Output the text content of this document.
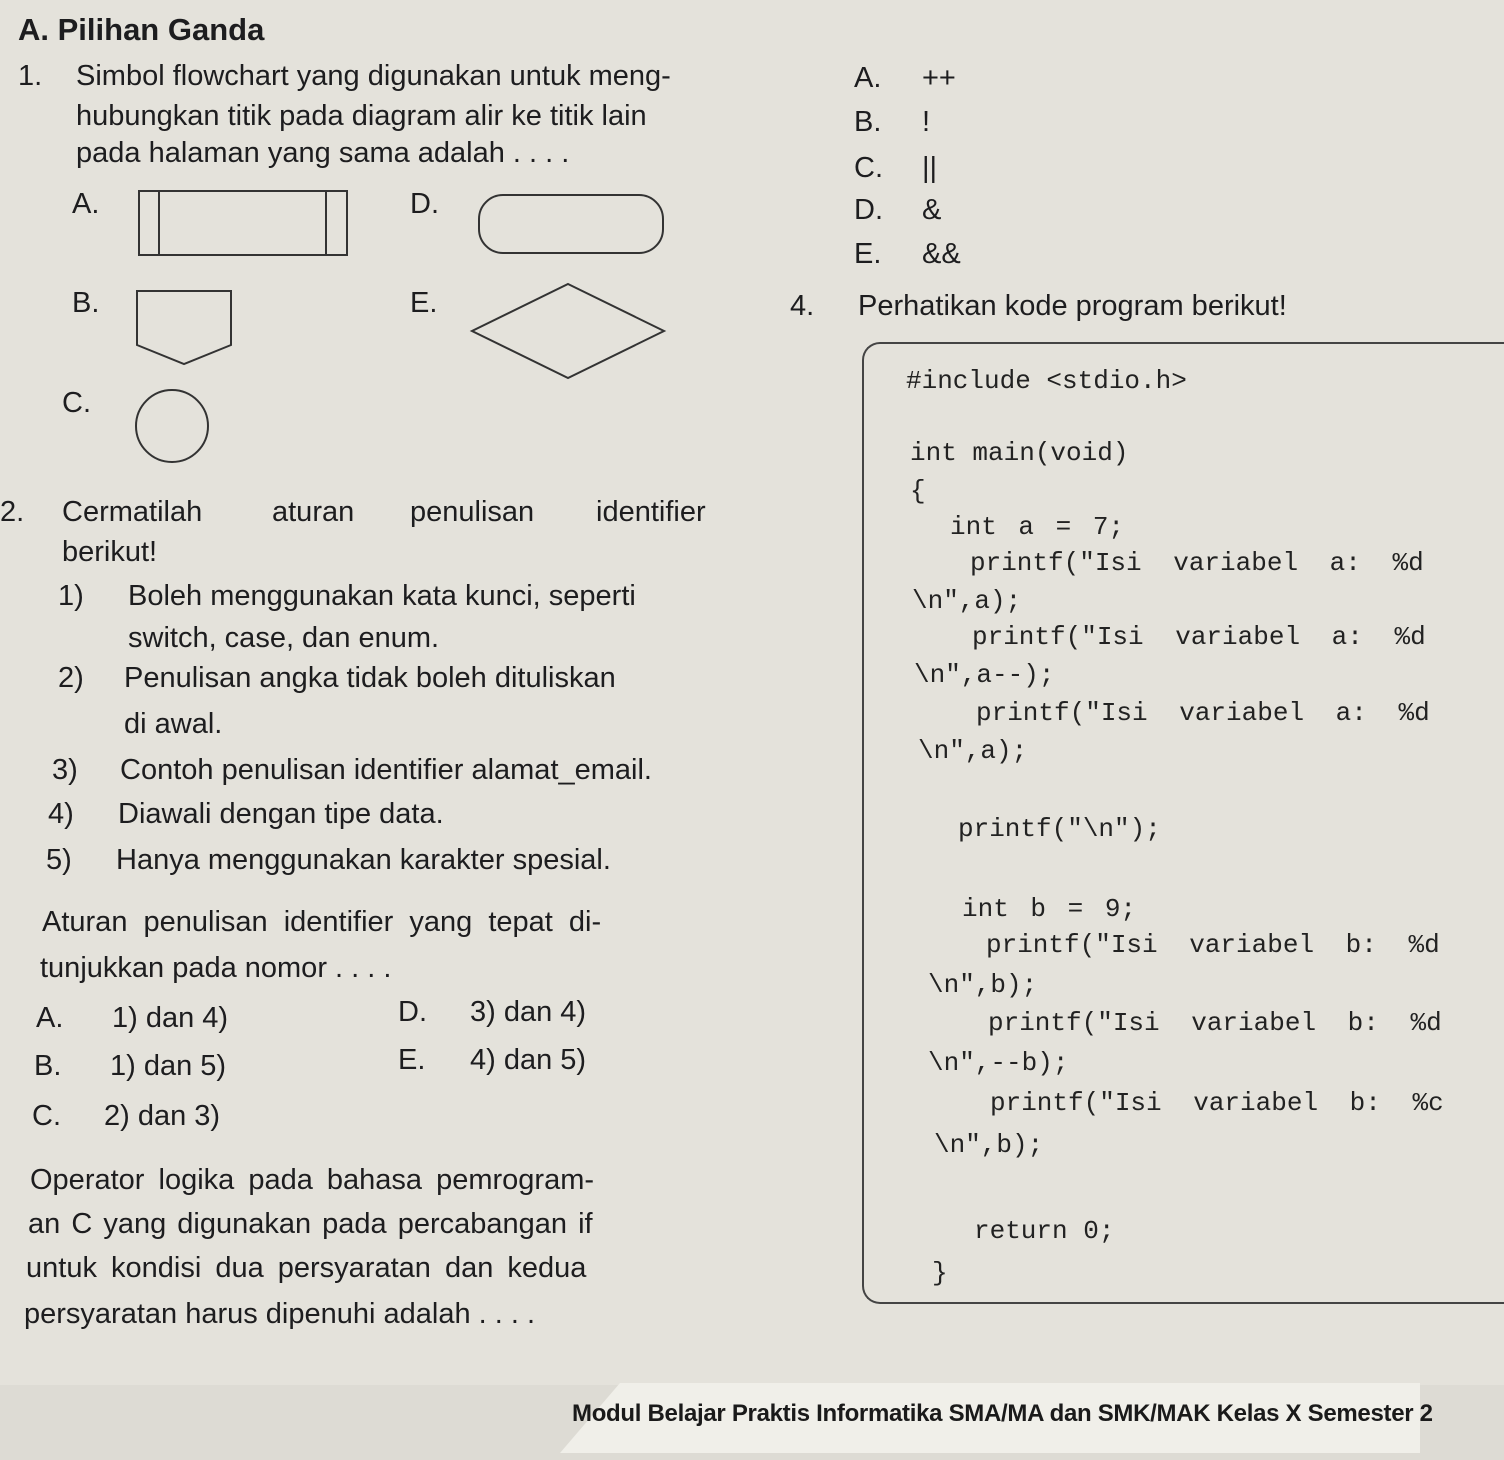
A. Pilihan Ganda
1. Simbol flowchart yang digunakan untuk meng-
hubungkan titik pada diagram alir ke titik lain
pada halaman yang sama adalah . . . .
A.	D.
B.	E.
C.
A. ++
B. !
C. ||
D. &
E. &&
2. Cermatilah aturan penulisan identifier
berikut!
1) Boleh menggunakan kata kunci, seperti
switch, case, dan enum.
2) Penulisan angka tidak boleh dituliskan
di awal.
3) Contoh penulisan identifier alamat_email.
4) Diawali dengan tipe data.
5) Hanya menggunakan karakter spesial.
Aturan penulisan identifier yang tepat di-
tunjukkan pada nomor . . . .
A. 1) dan 4)	D. 3) dan 4)
B. 1) dan 5)	E. 4) dan 5)
C. 2) dan 3)
Operator logika pada bahasa pemrogram-
an C yang digunakan pada percabangan if
untuk kondisi dua persyaratan dan kedua
persyaratan harus dipenuhi adalah . . . .
4. Perhatikan kode program berikut!
#include <stdio.h>
int main(void)
{
int a = 7;
printf("Isi variabel a: %d
\n",a);
printf("Isi variabel a: %d
\n",a--);
printf("Isi variabel a: %d
\n",a);
printf("\n");
int b = 9;
printf("Isi variabel b: %d
\n",b);
printf("Isi variabel b: %d
\n",--b);
printf("Isi variabel b: %c
\n",b);
return 0;
}
Modul Belajar Praktis Informatika SMA/MA dan SMK/MAK Kelas X Semester 2
